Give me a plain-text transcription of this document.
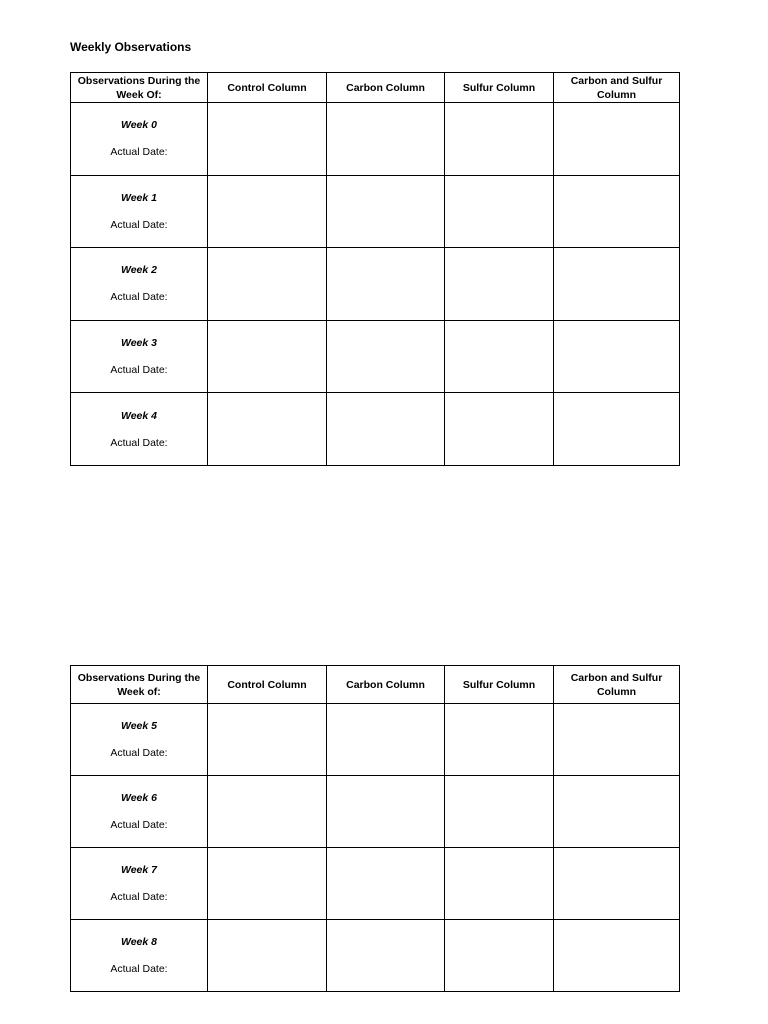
Weekly Observations
Observations During the Week Of:	Control Column	Carbon Column	Sulfur Column	Carbon and Sulfur Column

Week 0
Actual Date:				

Week 1
Actual Date:				

Week 2
Actual Date:				

Week 3
Actual Date:				

Week 4
Actual Date:				

Observations During the Week of:	Control Column	Carbon Column	Sulfur Column	Carbon and Sulfur Column

Week 5
Actual Date:				

Week 6
Actual Date:				

Week 7
Actual Date:				

Week 8
Actual Date:				
